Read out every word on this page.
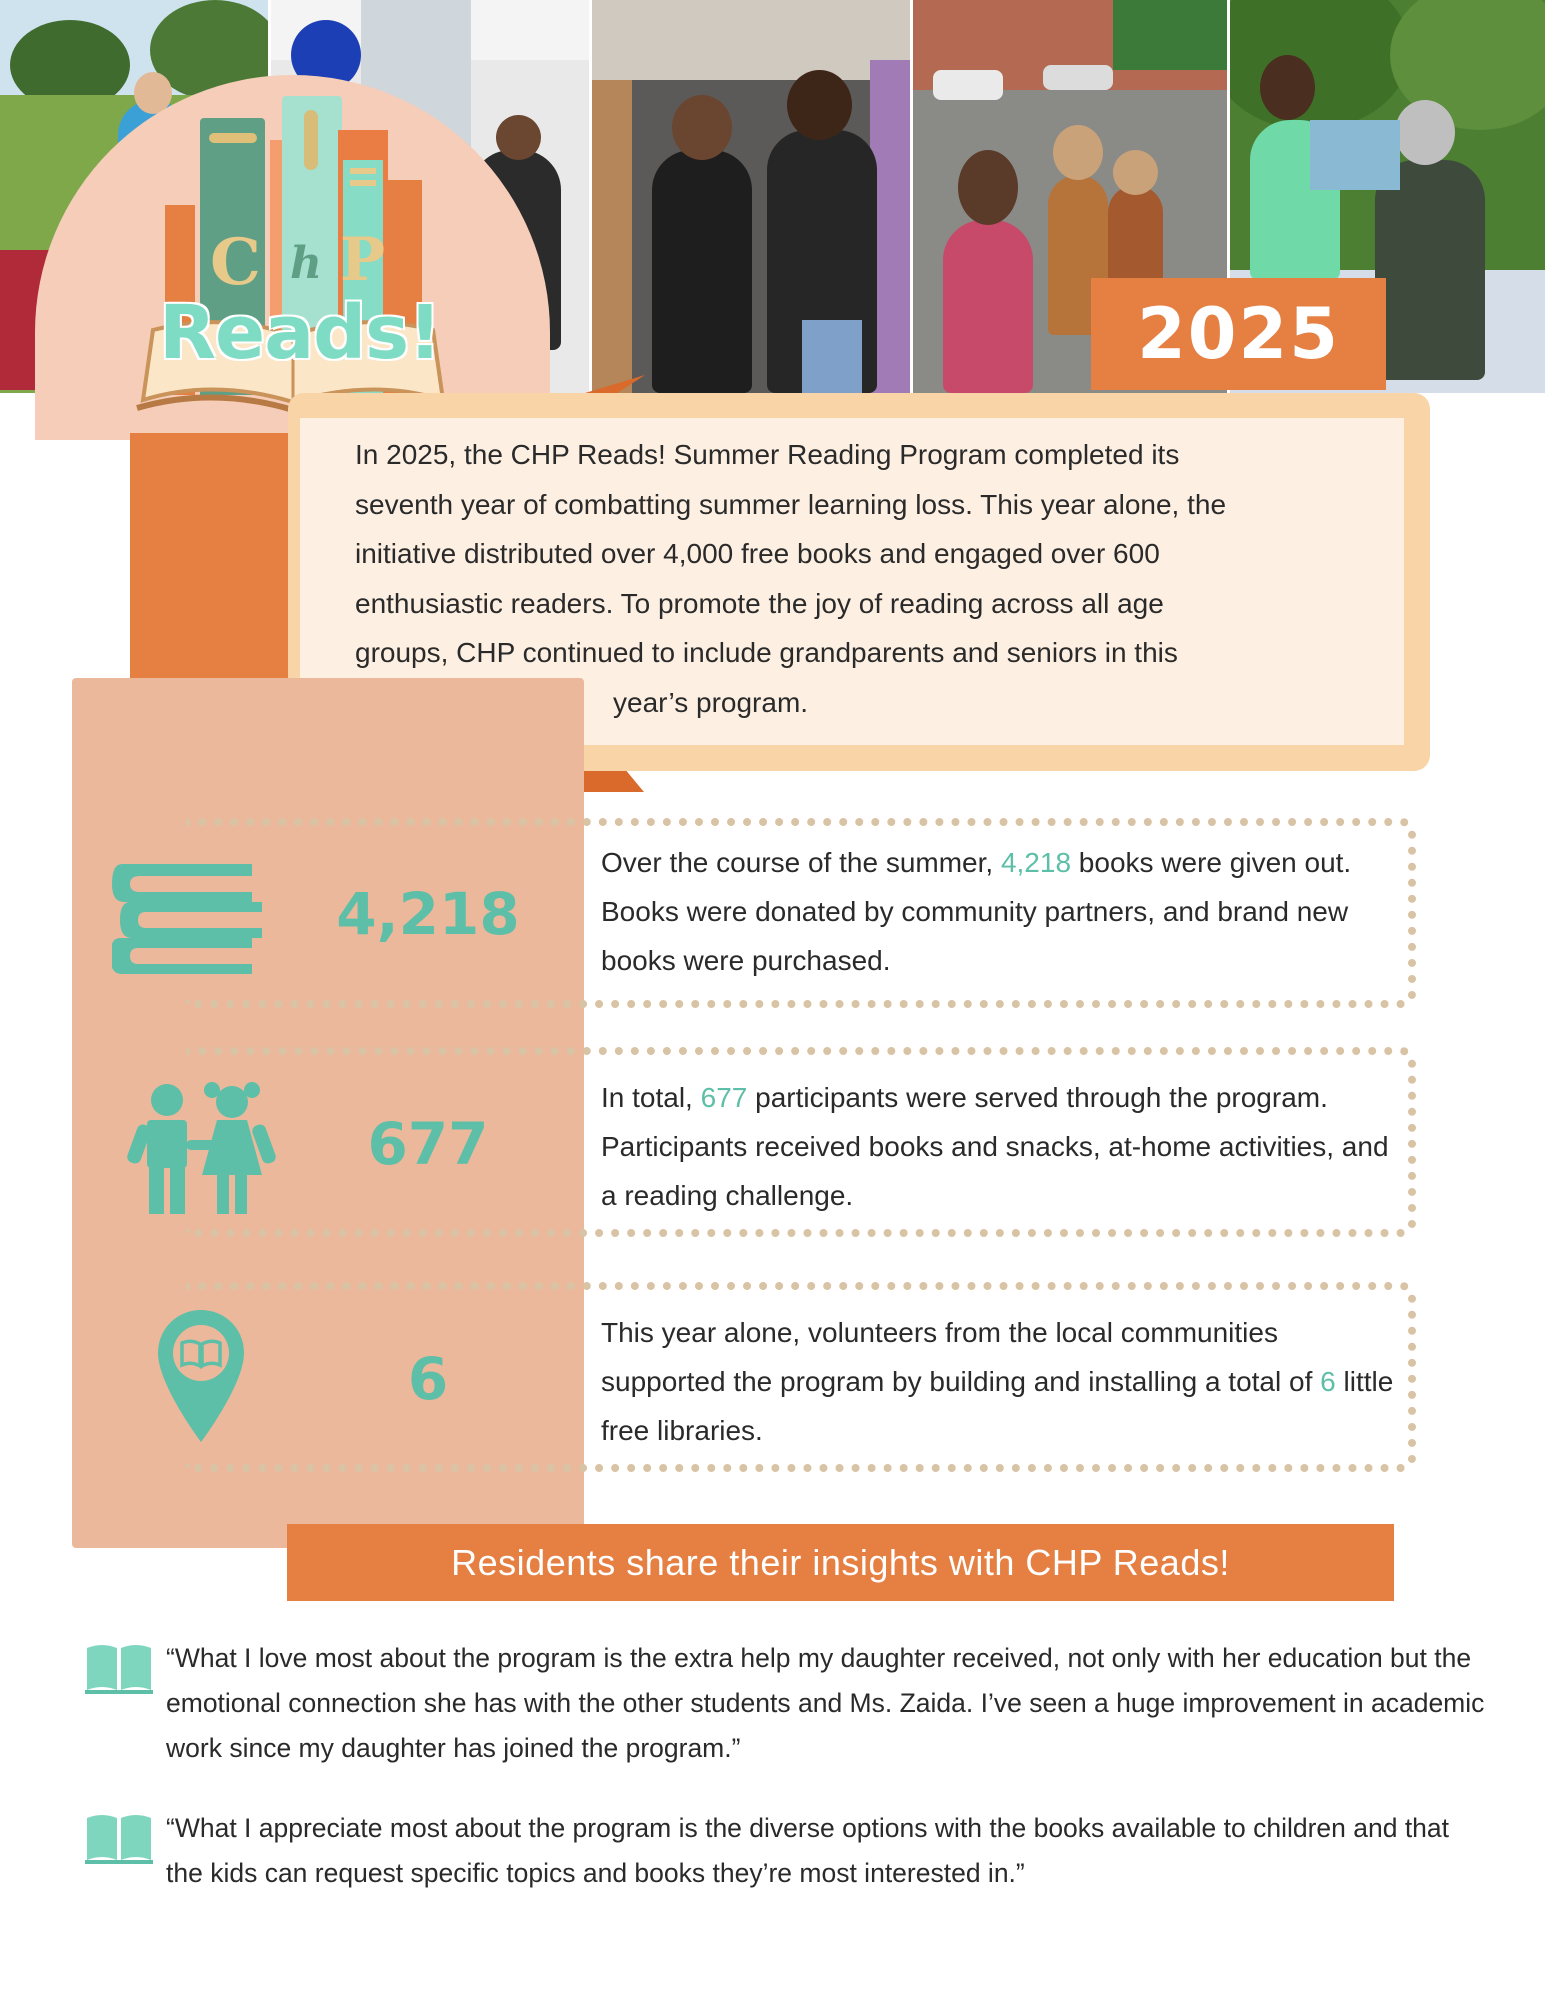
C h P
Reads!	2025
In 2025, the CHP Reads! Summer Reading Program completed its
seventh year of combatting summer learning loss. This year alone, the
initiative distributed over 4,000 free books and engaged over 600
enthusiastic readers. To promote the joy of reading across all age
groups, CHP continued to include grandparents and seniors in this
year’s program.
4,218
Over the course of the summer, 4,218 books were given out. Books were donated by community partners, and brand new books were purchased.
677
In total, 677 participants were served through the program. Participants received books and snacks, at-home activities, and a reading challenge.
6
This year alone, volunteers from the local communities supported the program by building and installing a total of 6 little free libraries.
Residents share their insights with CHP Reads!
“What I love most about the program is the extra help my daughter received, not only with her education but the emotional connection she has with the other students and Ms. Zaida. I’ve seen a huge improvement in academic work since my daughter has joined the program.”
“What I appreciate most about the program is the diverse options with the books available to children and that the kids can request specific topics and books they’re most interested in.”
